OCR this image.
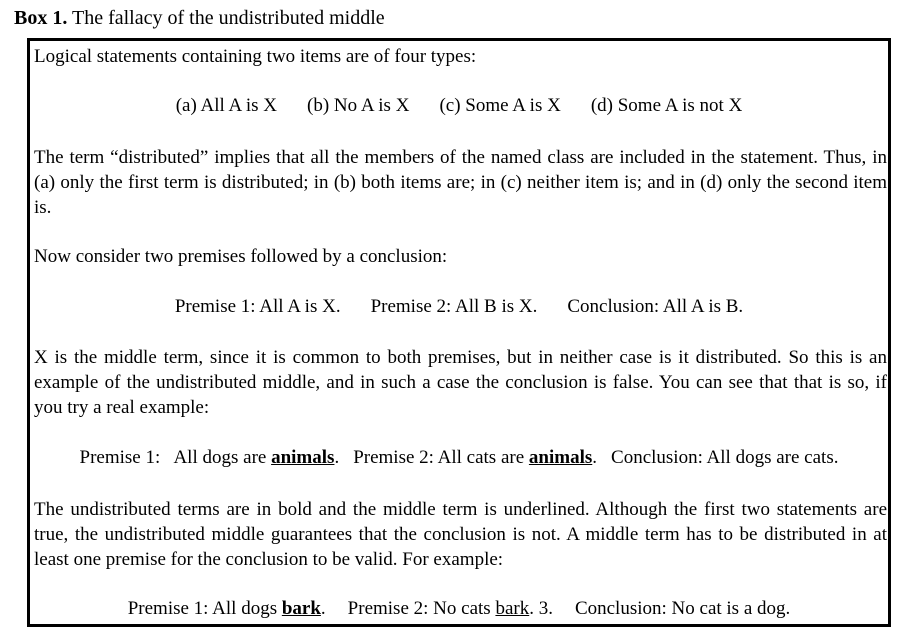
Box 1. The fallacy of the undistributed middle
Logical statements containing two items are of four types:
(a) All A is X (b) No A is X (c) Some A is X (d) Some A is not X
The term “distributed” implies that all the members of the named class are included in the statement. Thus, in (a) only the first term is distributed; in (b) both items are; in (c) neither item is; and in (d) only the second item is.
Now consider two premises followed by a conclusion:
Premise 1: All A is X. Premise 2: All B is X. Conclusion: All A is B.
X is the middle term, since it is common to both premises, but in neither case is it distributed. So this is an example of the undistributed middle, and in such a case the conclusion is false. You can see that that is so, if you try a real example:
Premise 1:   All dogs are animals. Premise 2: All cats are animals. Conclusion: All dogs are cats.
The undistributed terms are in bold and the middle term is underlined. Although the first two statements are true, the undistributed middle guarantees that the conclusion is not. A middle term has to be distributed in at least one premise for the conclusion to be valid. For example:
Premise 1: All dogs bark. Premise 2: No cats bark. 3. Conclusion: No cat is a dog.
